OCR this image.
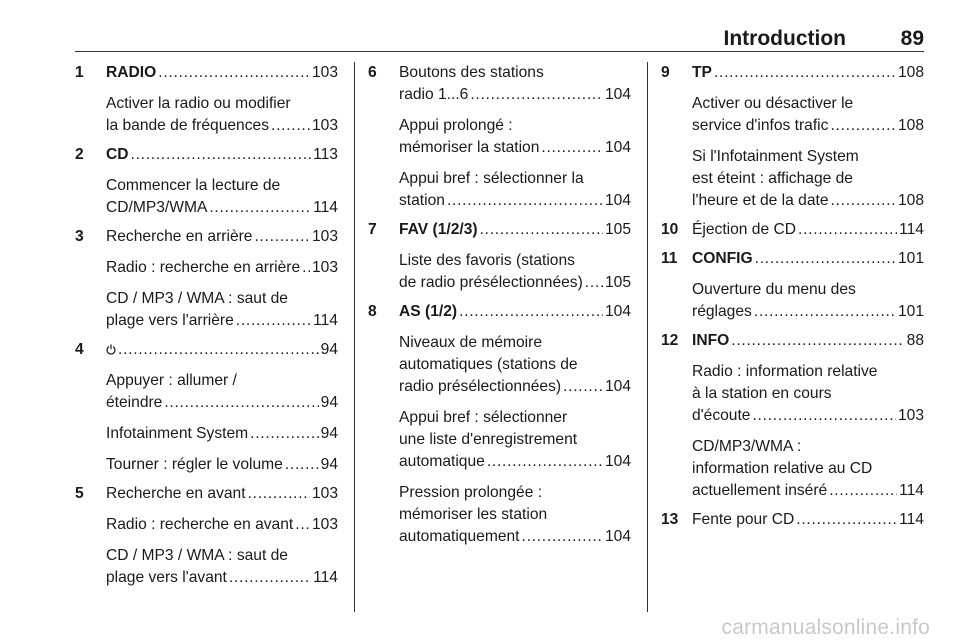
Introduction	89
1 RADIO . . .	103
Activer la radio ou modifier
la bande de fréquences . . .	103
2 CD . . .	113
Commencer la lecture de
CD/MP3/WMA . . .	114
3 Recherche en arrière . . .	103
Radio : recherche en arrière . . . 103
CD / MP3 / WMA : saut de
plage vers l'arrière . . .	114
4 . . .	94
Appuyer : allumer /
éteindre . . .	94
Infotainment System . . .	94
Tourner : régler le volume . . . 94
5 Recherche en avant . . .	103
Radio : recherche en avant . . . 103
CD / MP3 / WMA : saut de
plage vers l'avant . . .	114
6 Boutons des stations
radio 1...6 . . .	104
Appui prolongé :
mémoriser la station . . .	104
Appui bref : sélectionner la
station . . .	104
7 FAV (1/2/3) . . .	105
Liste des favoris (stations
de radio présélectionnées) . . . 105
8 AS (1/2) . . .	104
Niveaux de mémoire
automatiques (stations de
radio présélectionnées) . . .	104
Appui bref : sélectionner
une liste d'enregistrement
automatique . . .	104
Pression prolongée :
mémoriser les station
automatiquement . . .	104
9 TP . . .	108
Activer ou désactiver le
service d'infos trafic . . .	108
Si l'Infotainment System
est éteint : affichage de
l'heure et de la date . . .	108
10 Éjection de CD . . .	114
11 CONFIG . . .	101
Ouverture du menu des
réglages . . .	101
12 INFO . . .	88
Radio : information relative
à la station en cours
d'écoute . . .	103
CD/MP3/WMA :
information relative au CD
actuellement inséré . . .	114
13 Fente pour CD . . .	114
carmanualsonline.info
